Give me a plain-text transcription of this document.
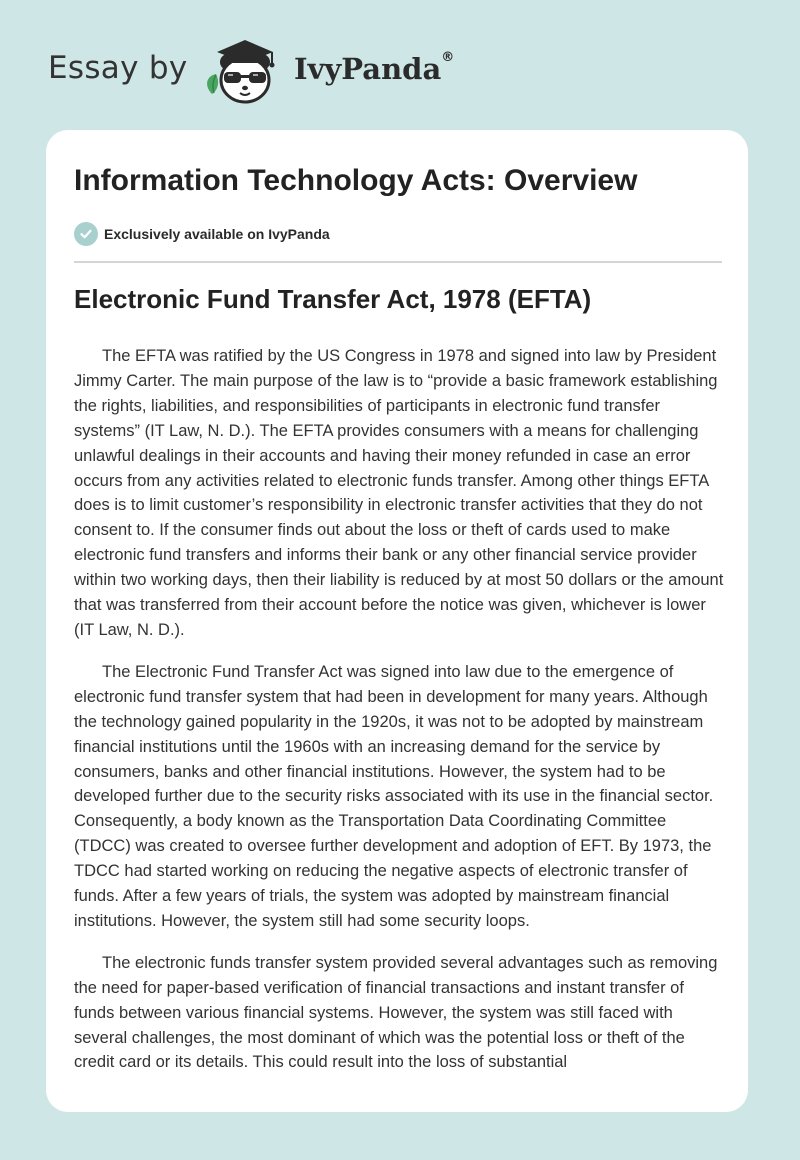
Essay by	IvyPanda®
Information Technology Acts: Overview
Exclusively available on IvyPanda
Electronic Fund Transfer Act, 1978 (EFTA)

The EFTA was ratified by the US Congress in 1978 and signed into law by President Jimmy Carter. The main purpose of the law is to “provide a basic framework establishing the rights, liabilities, and responsibilities of participants in electronic fund transfer systems” (IT Law, N. D.). The EFTA provides consumers with a means for challenging unlawful dealings in their accounts and having their money refunded in case an error occurs from any activities related to electronic funds transfer. Among other things EFTA does is to limit customer’s responsibility in electronic transfer activities that they do not consent to. If the consumer finds out about the loss or theft of cards used to make electronic fund transfers and informs their bank or any other financial service provider within two working days, then their liability is reduced by at most 50 dollars or the amount that was transferred from their account before the notice was given, whichever is lower (IT Law, N. D.).

The Electronic Fund Transfer Act was signed into law due to the emergence of electronic fund transfer system that had been in development for many years. Although the technology gained popularity in the 1920s, it was not to be adopted by mainstream financial institutions until the 1960s with an increasing demand for the service by consumers, banks and other financial institutions. However, the system had to be developed further due to the security risks associated with its use in the financial sector. Consequently, a body known as the Transportation Data Coordinating Committee (TDCC) was created to oversee further development and adoption of EFT. By 1973, the TDCC had started working on reducing the negative aspects of electronic transfer of funds. After a few years of trials, the system was adopted by mainstream financial institutions. However, the system still had some security loops.

The electronic funds transfer system provided several advantages such as removing the need for paper-based verification of financial transactions and instant transfer of funds between various financial systems. However, the system was still faced with several challenges, the most dominant of which was the potential loss or theft of the credit card or its details. This could result into the loss of substantial
